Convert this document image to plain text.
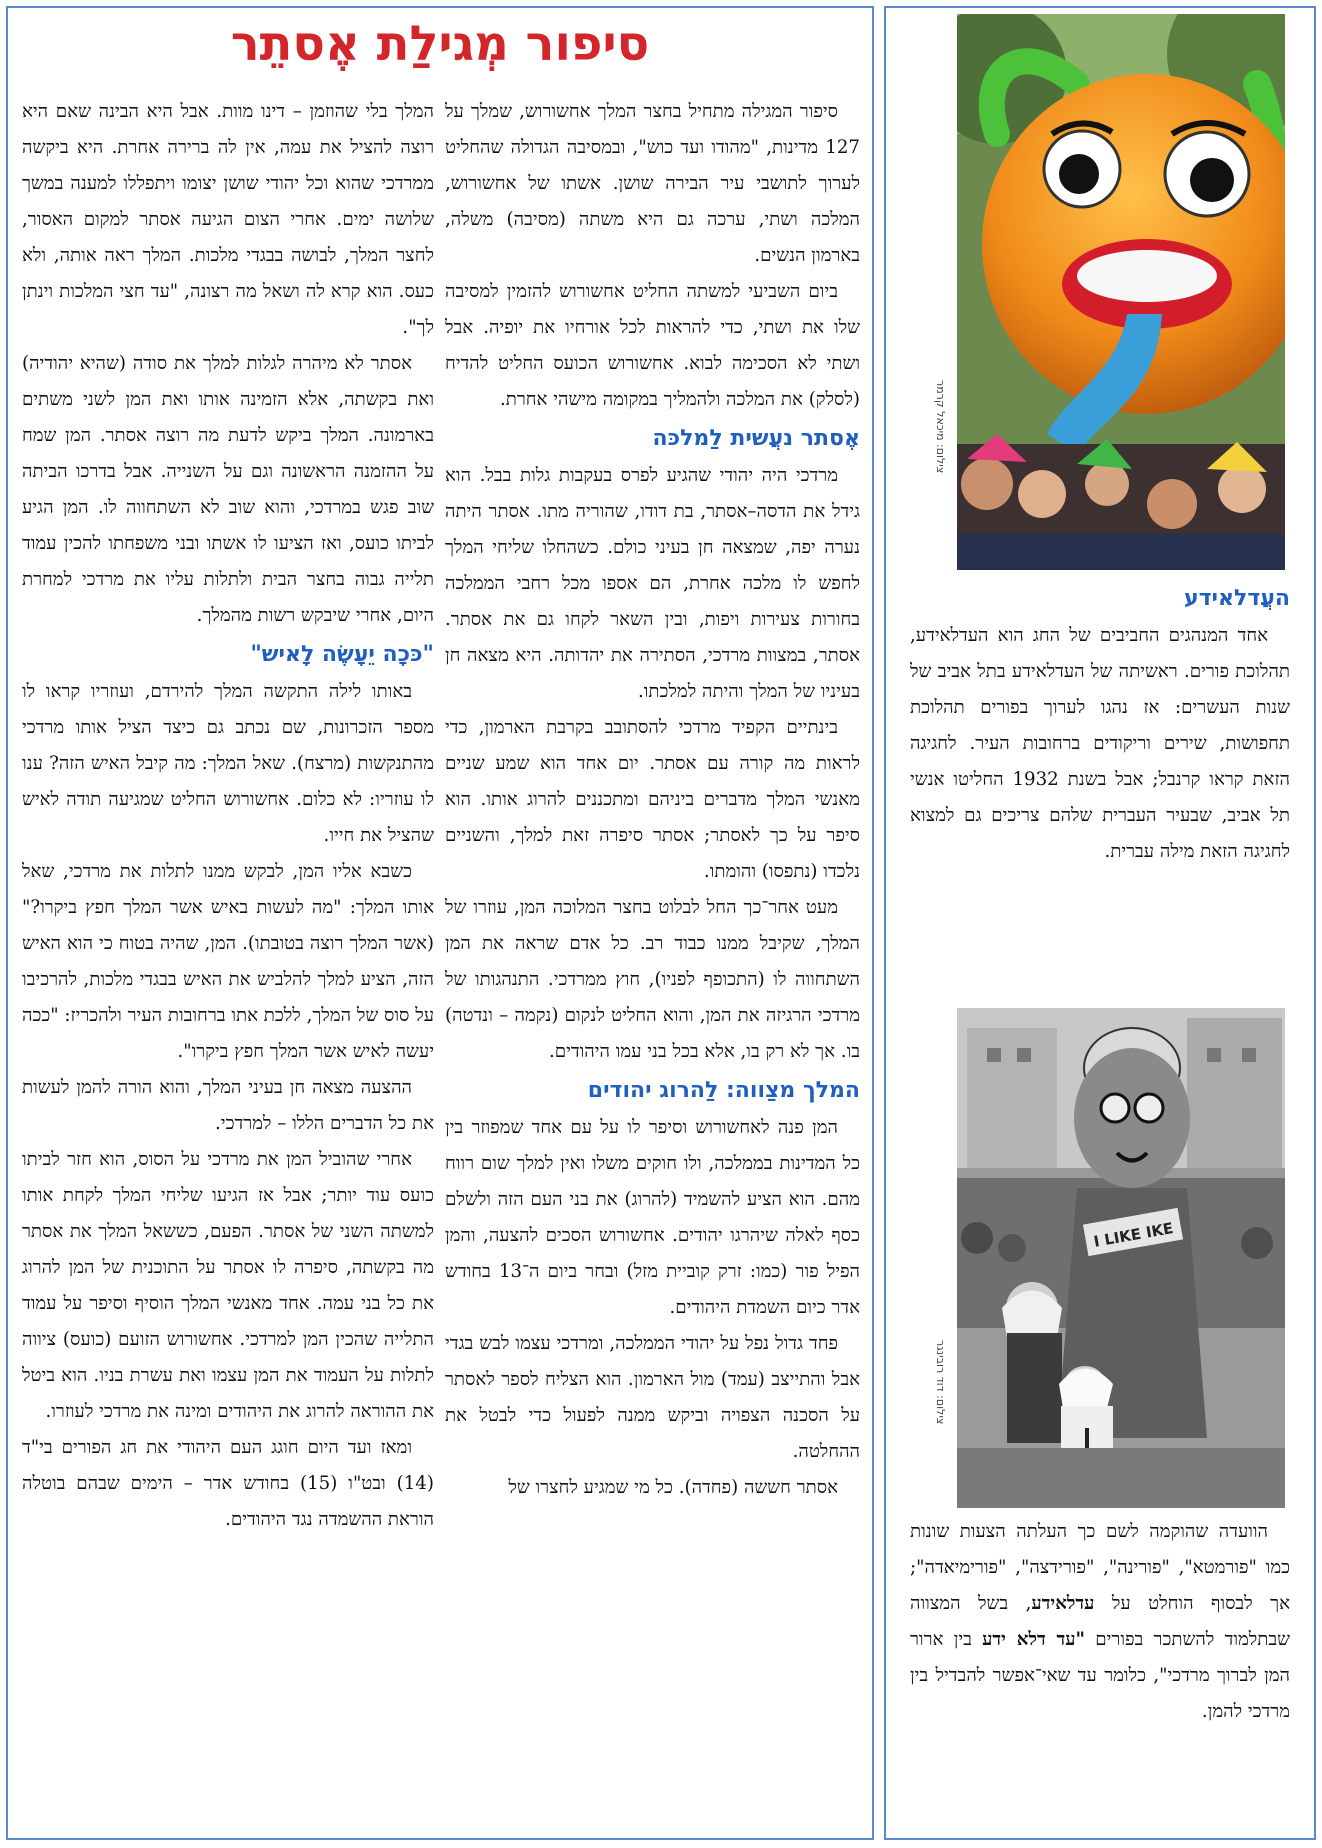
סיפור מְגילַת אֶסתֵר

סיפור המגילה מתחיל בחצר המלך אחשורוש, שמלך על 127 מדינות, "מהודו ועד כוש", ובמסיבה הגדולה שהחליט לערוך לתושבי עיר הבירה שושן. אשתו של אחשורוש, המלכה ושתי, ערכה גם היא משתה (מסיבה) משלה, בארמון הנשים.

ביום השביעי למשתה החליט אחשורוש להזמין למסיבה שלו את ושתי, כדי להראות לכל אורחיו את יופיה. אבל ושתי לא הסכימה לבוא. אחשורוש הכועס החליט להדיח (לסלק) את המלכה ולהמליך במקומה מישהי אחרת.

אֶסתר נעֲשית לַמלכּה

מרדכי היה יהודי שהגיע לפרס בעקבות גלות בבל. הוא גידל את הדסה–אסתר, בת דודו, שהוריה מתו. אסתר היתה נערה יפה, שמצאה חן בעיני כולם. כשהחלו שליחי המלך לחפש לו מלכה אחרת, הם אספו מכל רחבי הממלכה בחורות צעירות ויפות, ובין השאר לקחו גם את אסתר. אסתר, במצוות מרדכי, הסתירה את יהדותה. היא מצאה חן בעיניו של המלך והיתה למלכתו.

בינתיים הקפיד מרדכי להסתובב בקרבת הארמון, כדי לראות מה קורה עם אסתר. יום אחד הוא שמע שניים מאנשי המלך מדברים ביניהם ומתכננים להרוג אותו. הוא סיפר על כך לאסתר; אסתר סיפרה זאת למלך, והשניים נלכדו (נתפסו) והומתו.

מעט אחר־כך החל לבלוט בחצר המלוכה המן, עוזרו של המלך, שקיבל ממנו כבוד רב. כל אדם שראה את המן השתחווה לו (התכופף לפניו), חוץ ממרדכי. התנהגותו של מרדכי הרגיזה את המן, והוא החליט לנקום (נקמה – ונדטה) בו. אך לא רק בו, אלא בכל בני עמו היהודים.

המלך מצַווה: לַהרוג יהודים

המן פנה לאחשורוש וסיפר לו על עם אחד שמפוזר בין כל המדינות בממלכה, ולו חוקים משלו ואין למלך שום רווח מהם. הוא הציע להשמיד (להרוג) את בני העם הזה ולשלם כסף לאלה שיהרגו יהודים. אחשורוש הסכים להצעה, והמן הפיל פור (כמו: זרק קוביית מזל) ובחר ביום ה־13 בחודש אדר כיום השמדת היהודים.

פחד גדול נפל על יהודי הממלכה, ומרדכי עצמו לבש בגדי אבל והתייצב (עמד) מול הארמון. הוא הצליח לספר לאסתר על הסכנה הצפויה וביקש ממנה לפעול כדי לבטל את ההחלטה.

אסתר חששה (פחדה). כל מי שמגיע לחצרו של

המלך בלי שהוזמן – דינו מוות. אבל היא הבינה שאם היא רוצה להציל את עמה, אין לה ברירה אחרת. היא ביקשה ממרדכי שהוא וכל יהודי שושן יצומו ויתפללו למענה במשך שלושה ימים. אחרי הצום הגיעה אסתר למקום האסור, לחצר המלך, לבושה בבגדי מלכות. המלך ראה אותה, ולא כעס. הוא קרא לה ושאל מה רצונה, "עד חצי המלכות וינתן לך".

אסתר לא מיהרה לגלות למלך את סודה (שהיא יהודיה) ואת בקשתה, אלא הזמינה אותו ואת המן לשני משתים בארמונה. המלך ביקש לדעת מה רוצה אסתר. המן שמח על ההזמנה הראשונה וגם על השנייה. אבל בדרכו הביתה שוב פגש במרדכי, והוא שוב לא השתחווה לו. המן הגיע לביתו כועס, ואז הציעו לו אשתו ובני משפחתו להכין עמוד תלייה גבוה בחצר הבית ולתלות עליו את מרדכי למחרת היום, אחרי שיבקש רשות מהמלך.

"כּכָה יֵעָשֶׂה לָאיש"

באותו לילה התקשה המלך להירדם, ועוזריו קראו לו מספר הזכרונות, שם נכתב גם כיצד הציל אותו מרדכי מהתנקשות (מרצח). שאל המלך: מה קיבל האיש הזה? ענו לו עוזריו: לא כלום. אחשורוש החליט שמגיעה תודה לאיש שהציל את חייו.

כשבא אליו המן, לבקש ממנו לתלות את מרדכי, שאל אותו המלך: "מה לעשות באיש אשר המלך חפץ ביקרו?" (אשר המלך רוצה בטובתו). המן, שהיה בטוח כי הוא האיש הזה, הציע למלך להלביש את האיש בבגדי מלכות, להרכיבו על סוס של המלך, ללכת אתו ברחובות העיר ולהכריז: "ככה יעשה לאיש אשר המלך חפץ ביקרו".

ההצעה מצאה חן בעיני המלך, והוא הורה להמן לעשות את כל הדברים הללו – למרדכי.

אחרי שהוביל המן את מרדכי על הסוס, הוא חזר לביתו כועס עוד יותר; אבל אז הגיעו שליחי המלך לקחת אותו למשתה השני של אסתר. הפעם, כששאל המלך את אסתר מה בקשתה, סיפרה לו אסתר על התוכנית של המן להרוג את כל בני עמה. אחד מאנשי המלך הוסיף וסיפר על עמוד התלייה שהכין המן למרדכי. אחשורוש הזועם (כועס) ציווה לתלות על העמוד את המן עצמו ואת עשרת בניו. הוא ביטל את ההוראה להרוג את היהודים ומינה את מרדכי לעוזרו.

ומאז ועד היום חוגג העם היהודי את חג הפורים בי"ד (14) ובט"ו (15) בחודש אדר – הימים שבהם בוטלה הוראת ההשמדה נגד היהודים.

צילום: מיכאל קרמר
העֲדלאידע

אחד המנהגים החביבים של החג הוא העדלאידע, תהלוכת פורים. ראשיתה של העדלאידע בתל אביב של שנות העשרים: אז נהגו לערוך בפורים תהלוכת תחפושות, שירים וריקודים ברחובות העיר. לחגיגה הזאת קראו קרנבל; אבל בשנת 1932 החליטו אנשי תל אביב, שבעיר העברית שלהם צריכים גם למצוא לחגיגה הזאת מילה עברית.

I LIKE IKE
צילום: דוד רובינגר

הוועדה שהוקמה לשם כך העלתה הצעות שונות כמו "פורמטא", "פורינה", "פורידצה", "פורימיאדה"; אך לבסוף הוחלט על עדלאידע, בשל המצווה שבתלמוד להשתכר בפורים "עד דלא ידע בין ארור המן לברוך מרדכי", כלומר עד שאי־אפשר להבדיל בין מרדכי להמן.
